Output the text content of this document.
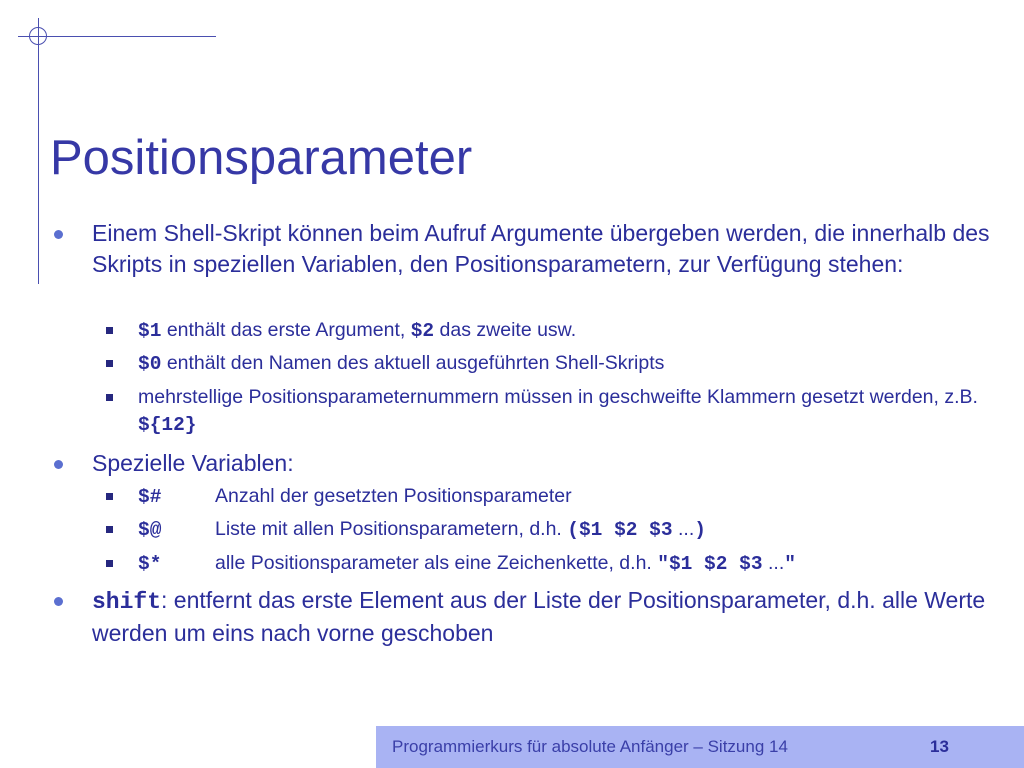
Positionsparameter
Einem Shell-Skript können beim Aufruf Argumente übergeben werden, die innerhalb des Skripts in speziellen Variablen, den Positionsparametern, zur Verfügung stehen:
$1 enthält das erste Argument, $2 das zweite usw.
$0 enthält den Namen des aktuell ausgeführten Shell-Skripts
mehrstellige Positionsparameternummern müssen in geschweifte Klammern gesetzt werden, z.B. ${12}
Spezielle Variablen:
$#	Anzahl der gesetzten Positionsparameter
$@	Liste mit allen Positionsparametern, d.h. ($1 $2 $3 ...)
$*	alle Positionsparameter als eine Zeichenkette, d.h. "$1 $2 $3 ..."
shift: entfernt das erste Element aus der Liste der Positionsparameter, d.h. alle Werte werden um eins nach vorne geschoben
Programmierkurs für absolute Anfänger – Sitzung 14	13
